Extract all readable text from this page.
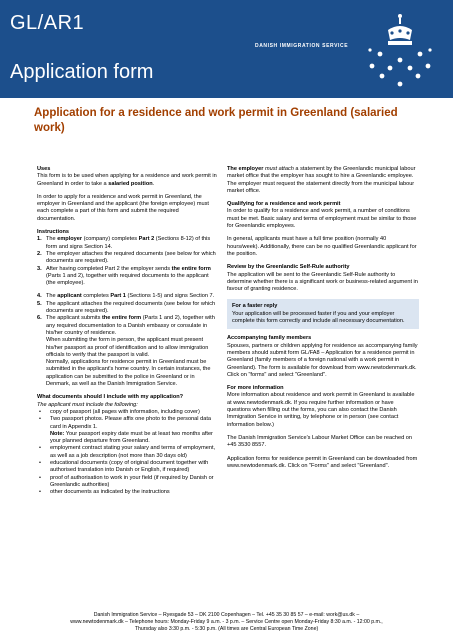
GL/AR1
Application form
DANISH IMMIGRATION SERVICE
Application for a residence and work permit in Greenland (salaried work)
Uses
This form is to be used when applying for a residence and work permit in Greenland in order to take a salaried position.
In order to apply for a residence and work permit in Greenland, the employer in Greenland and the applicant (the foreign employee) must each complete a part of this form and submit the required documentation.
Instructions
1. The employer (company) completes Part 2 (Sections 8-12) of this form and signs Section 14.
2. The employer attaches the required documents (see below for which documents are required).
3. After having completed Part 2 the employer sends the entire form (Parts 1 and 2), together with required documents to the applicant (the employee).
4. The applicant completes Part 1 (Sections 1-5) and signs Section 7.
5. The applicant attaches the required documents (see below for which documents are required).
6. The applicant submits the entire form (Parts 1 and 2), together with any required documentation to a Danish embassy or consulate in his/her country of residence.
When submitting the form in person, the applicant must present his/her passport as proof of identification and to allow immigration officials to verify that the passport is valid.
Normally, applications for residence permit in Greenland must be submitted in the applicant's home country. In certain instances, the application can be submitted to the police in Greenland or in Denmark, as well as the Danish Immigration Service.
What documents should I include with my application?
The applicant must include the following:
•	copy of passport (all pages with information, including cover)
•	Two passport photos. Please affix one photo to the personal data card in Appendix 1.
Note: Your passport expiry date must be at least two months after your planned departure from Greenland.
•	employment contract stating your salary and terms of employment, as well as a job description (not more than 30 days old)
•	educational documents (copy of original document together with authorised translation into Danish or English, if required)
•	proof of authorisation to work in your field (if required by Danish or Greenlandic authorities)
•	other documents as indicated by the instructions
The employer must attach a statement by the Greenlandic municipal labour market office that the employer has sought to hire a Greenlandic employee. The employer must request the statement directly from the municipal labour market office.
Qualifying for a residence and work permit
In order to qualify for a residence and work permit, a number of conditions must be met. Basic salary and terms of employment must be similar to those for Greenlandic employees.
In general, applicants must have a full time position (normally 40 hours/week). Additionally, there can be no qualified Greenlandic applicant for the position.
Review by the Greenlandic Self-Rule authority
The application will be sent to the Greenlandic Self-Rule authority to determine whether there is a significant work or business-related argument in favour of granting residence.
For a faster reply
Your application will be processed faster if you and your employer complete this form correctly and include all necessary documentation.
Accompanying family members
Spouses, partners or children applying for residence as accompanying family members should submit form GL/FA8 – Application for a residence permit in Greenland (family members of a foreign national with a work permit in Greenland). The form is available for download from www.newtodenmark.dk. Click on "forms" and select "Greenland".
For more information
More information about residence and work permit in Greenland is available at www.newtodenmark.dk. If you require further information or have questions when filling out the forms, you can also contact the Danish Immigration Service in writing, by telephone or in person (see contact information below.)
The Danish Immigration Service's Labour Market Office can be reached on +45 3530 8557.
Application forms for residence permit in Greenland can be downloaded from www.newtodenmark.dk. Click on "Forms" and select "Greenland".
Danish Immigration Service – Ryesgade 53 – DK 2100 Copenhagen – Tel. +45 35 30 85 57 – e-mail: work@us.dk –
www.newtodenmark.dk – Telephone hours: Monday-Friday 9 a.m. - 3 p.m. – Service Centre open Monday-Friday 8:30 a.m. - 12:00 p.m.,
Thursday also 3:30 p.m. - 5:30 p.m. (All times are Central European Time Zone)
